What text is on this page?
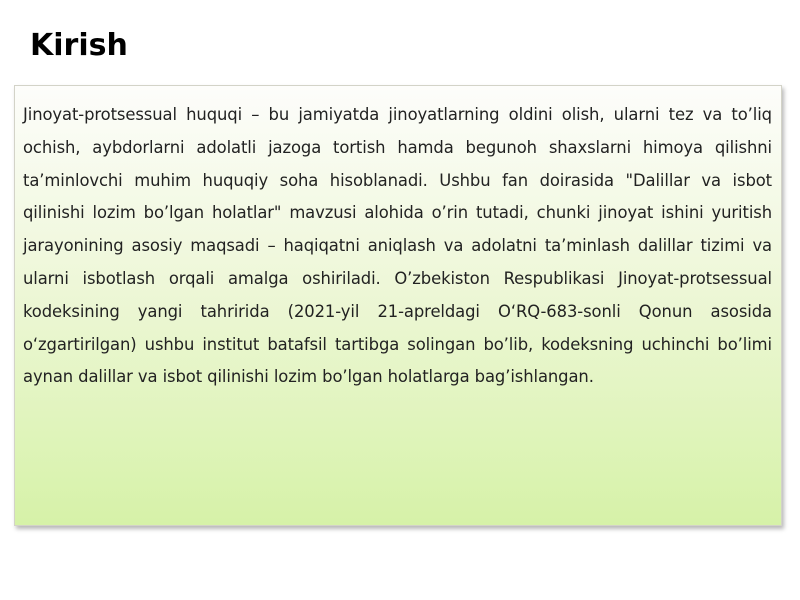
Kirish

Jinoyat-protsessual huquqi – bu jamiyatda jinoyatlarning oldini olish, ularni tez va to’liq ochish, aybdorlarni adolatli jazoga tortish hamda begunoh shaxslarni himoya qilishni ta’minlovchi muhim huquqiy soha hisoblanadi. Ushbu fan doirasida "Dalillar va isbot qilinishi lozim bo’lgan holatlar" mavzusi alohida o’rin tutadi, chunki jinoyat ishini yuritish jarayonining asosiy maqsadi – haqiqatni aniqlash va adolatni ta’minlash dalillar tizimi va ularni isbotlash orqali amalga oshiriladi. O’zbekiston Respublikasi Jinoyat-protsessual kodeksining yangi tahririda (2021-yil 21-apreldagi O‘RQ-683-sonli Qonun asosida o‘zgartirilgan) ushbu institut batafsil tartibga solingan bo’lib, kodeksning uchinchi bo’limi aynan dalillar va isbot qilinishi lozim bo’lgan holatlarga bag’ishlangan.
